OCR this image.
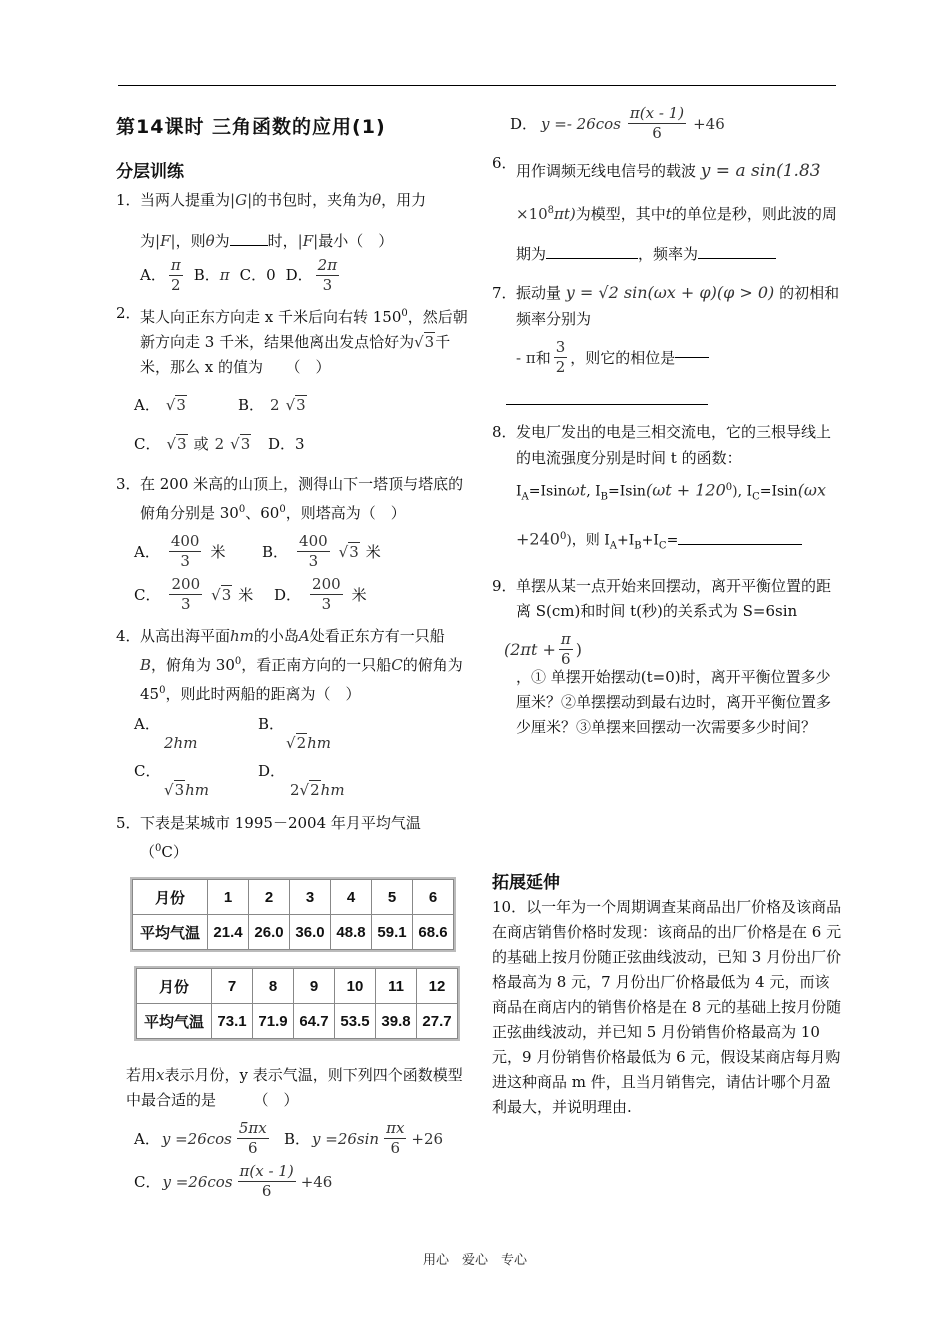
第14课时 三角函数的应用(1)
分层训练
1． 当两人提重为|G|的书包时，夹角为θ，用力
为|F|，则θ为	时，|F|最小（　）
A． $\frac{\pi}{2}$ B． π C．0 D． $\frac{2\pi}{3}$
2． 某人向正东方向走 x 千米后向右转 $150^0$，然后朝新方向走 3 千米，结果他离出发点恰好为√3千米，那么 x 的值为　　（　）
A． √3	B． 2 √3
C． √3 或 2 √3 D．3
3． 在 200 米高的山顶上，测得山下一塔顶与塔底的俯角分别是 $30^0$、$60^0$，则塔高为（　）
A． $\frac{400}{3}$ 米 B． $\frac{400}{3} √3$ 米
C． $\frac{200}{3} √3$ 米 D． $\frac{200}{3}$ 米
4． 从高出海平面hm的小岛A处看正东方有一只船B，俯角为 $30^0$，看正南方向的一只船C的俯角为 $45^0$，则此时两船的距离为（　）
A．
2hm
B．
√2hm
C．
√3hm
D．
2√2hm
5． 下表是某城市 1995－2004 年月平均气温（$^0$C）
月份	1	2	3	4	5	6
平均气温	21.4	26.0	36.0	48.8	59.1	68.6

月份	7	8	9	10	11	12
平均气温	73.1	71.9	64.7	53.5	39.8	27.7
若用x表示月份，y 表示气温，则下列四个函数模型中最合适的是　　　（　）
A． $y =26\cos \frac{5\pi x}{6}$ B． $y =26\sin \frac{\pi x}{6} +26$
C． $y =26\cos \frac{\pi(x - 1)}{6} +46$
D． $y =- 26\cos \frac{\pi(x - 1)}{6} +46$
6． 用作调频无线电信号的载波 y = a sin(1.83
$\times 10^8\pi t$)为模型，其中t的单位是秒，则此波的周期为	，频率为
7． 振动量 y = √2 sin(ωx + φ)(φ > 0) 的初相和频率分别为
- π 和 $\frac{3}{2}$ ，则它的相位是
8． 发电厂发出的电是三相交流电，它的三根导线上的电流强度分别是时间 t 的函数：
$I_A=Isin\omega t$, $I_B=Isin(\omega t + 120^0)$, $I_C=Isin(\omega x$
$+240^0$)，则 $I_A+I_B+I_C=$
9． 单摆从某一点开始来回摆动，离开平衡位置的距离 S(cm)和时间 t(秒)的关系式为 S=6sin
($2\pi t + \frac{\pi}{6}$ )
，① 单摆开始摆动(t=0)时，离开平衡位置多少厘米？②单摆摆动到最右边时，离开平衡位置多少厘米？③单摆来回摆动一次需要多少时间？
拓展延伸
10．以一年为一个周期调查某商品出厂价格及该商品在商店销售价格时发现：该商品的出厂价格是在 6 元的基础上按月份随正弦曲线波动，已知 3 月份出厂价格最高为 8 元，7 月份出厂价格最低为 4 元，而该商品在商店内的销售价格是在 8 元的基础上按月份随正弦曲线波动，并已知 5 月份销售价格最高为 10 元，9 月份销售价格最低为 6 元，假设某商店每月购进这种商品 m 件，且当月销售完，请估计哪个月盈利最大，并说明理由.
用心　爱心　专心
